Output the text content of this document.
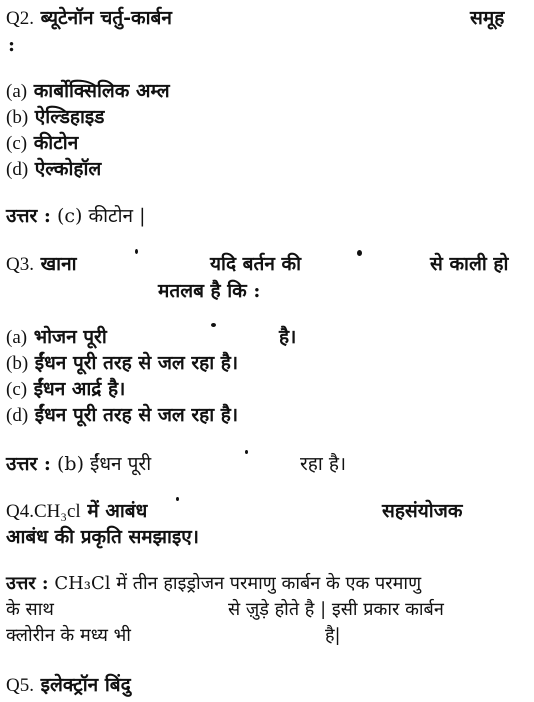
Q2. ब्यूटेनॉन चर्तु-कार्बन	समूह
:
(a) कार्बोक्सिलिक अम्ल
(b) ऐल्डिहाइड
(c) कीटोन
(d) ऐल्कोहॉल
उत्तर : (c) कीटोन |
Q3. खाना	यदि बर्तन की	से काली हो
मतलब है कि :
(a) भोजन पूरी	है।
(b) ईंधन पूरी तरह से जल रहा है।
(c) ईंधन आर्द्र है।
(d) ईंधन पूरी तरह से जल रहा है।
उत्तर : (b) ईंधन पूरी	रहा है।
Q4.CH₃cl में आबंध	सहसंयोजक
आबंध की प्रकृति समझाइए।
उत्तर : CH₃Cl में तीन हाइड्रोजन परमाणु कार्बन के एक परमाणु
के साथ	से ज़ुड़े होते है | इसी प्रकार कार्बन
क्लोरीन के मध्य भी	है|
Q5. इलेक्ट्रॉन बिंदु
